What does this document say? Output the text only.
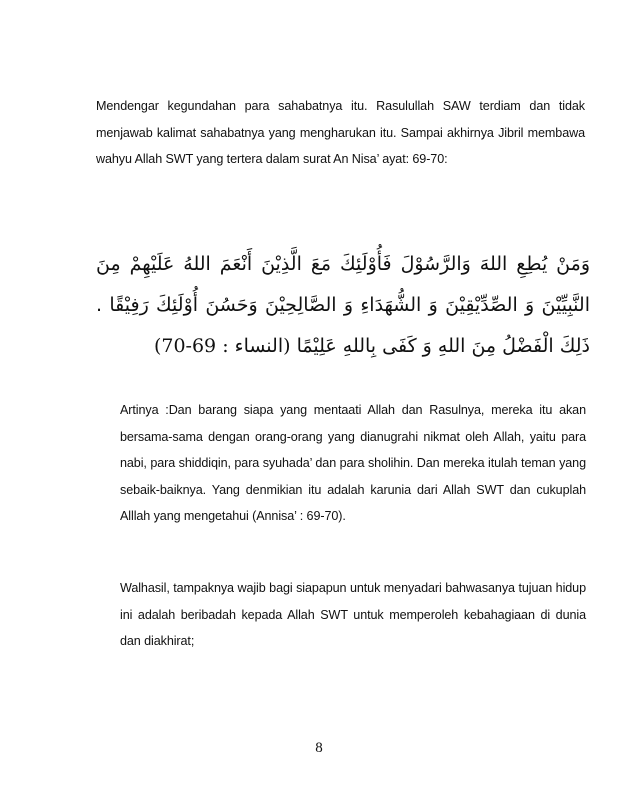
Mendengar kegundahan para sahabatnya itu. Rasulullah SAW terdiam dan tidak menjawab kalimat sahabatnya yang mengharukan itu. Sampai akhirnya Jibril membawa wahyu Allah SWT yang tertera dalam surat An Nisa’ ayat: 69-70:

وَمَنْ يُطِعِ اللهَ وَالرَّسُوْلَ فَأُوْلَئِكَ مَعَ الَّذِيْنَ أَنْعَمَ اللهُ عَلَيْهِمْ مِنَ النَّبِيِّيْنَ وَ الصِّدِّيْقِيْنَ وَ الشُّهَدَاءِ وَ الصَّالِحِيْنَ وَحَسُنَ أُوْلَئِكَ رَفِيْقًا . ذَلِكَ الْفَضْلُ مِنَ اللهِ وَ كَفَى بِاللهِ عَلِيْمًا (النساء : 69-70)

Artinya :Dan barang siapa yang mentaati Allah dan Rasulnya, mereka itu akan bersama-sama dengan orang-orang yang dianugrahi nikmat oleh Allah, yaitu para nabi, para shiddiqin, para syuhada’ dan para sholihin. Dan mereka itulah teman yang sebaik-baiknya. Yang denmikian itu adalah karunia dari Allah SWT dan cukuplah Alllah yang mengetahui (Annisa’ : 69-70).

Walhasil, tampaknya wajib bagi siapapun untuk menyadari bahwasanya tujuan hidup ini adalah beribadah kepada Allah SWT untuk memperoleh kebahagiaan di dunia dan diakhirat;

8
